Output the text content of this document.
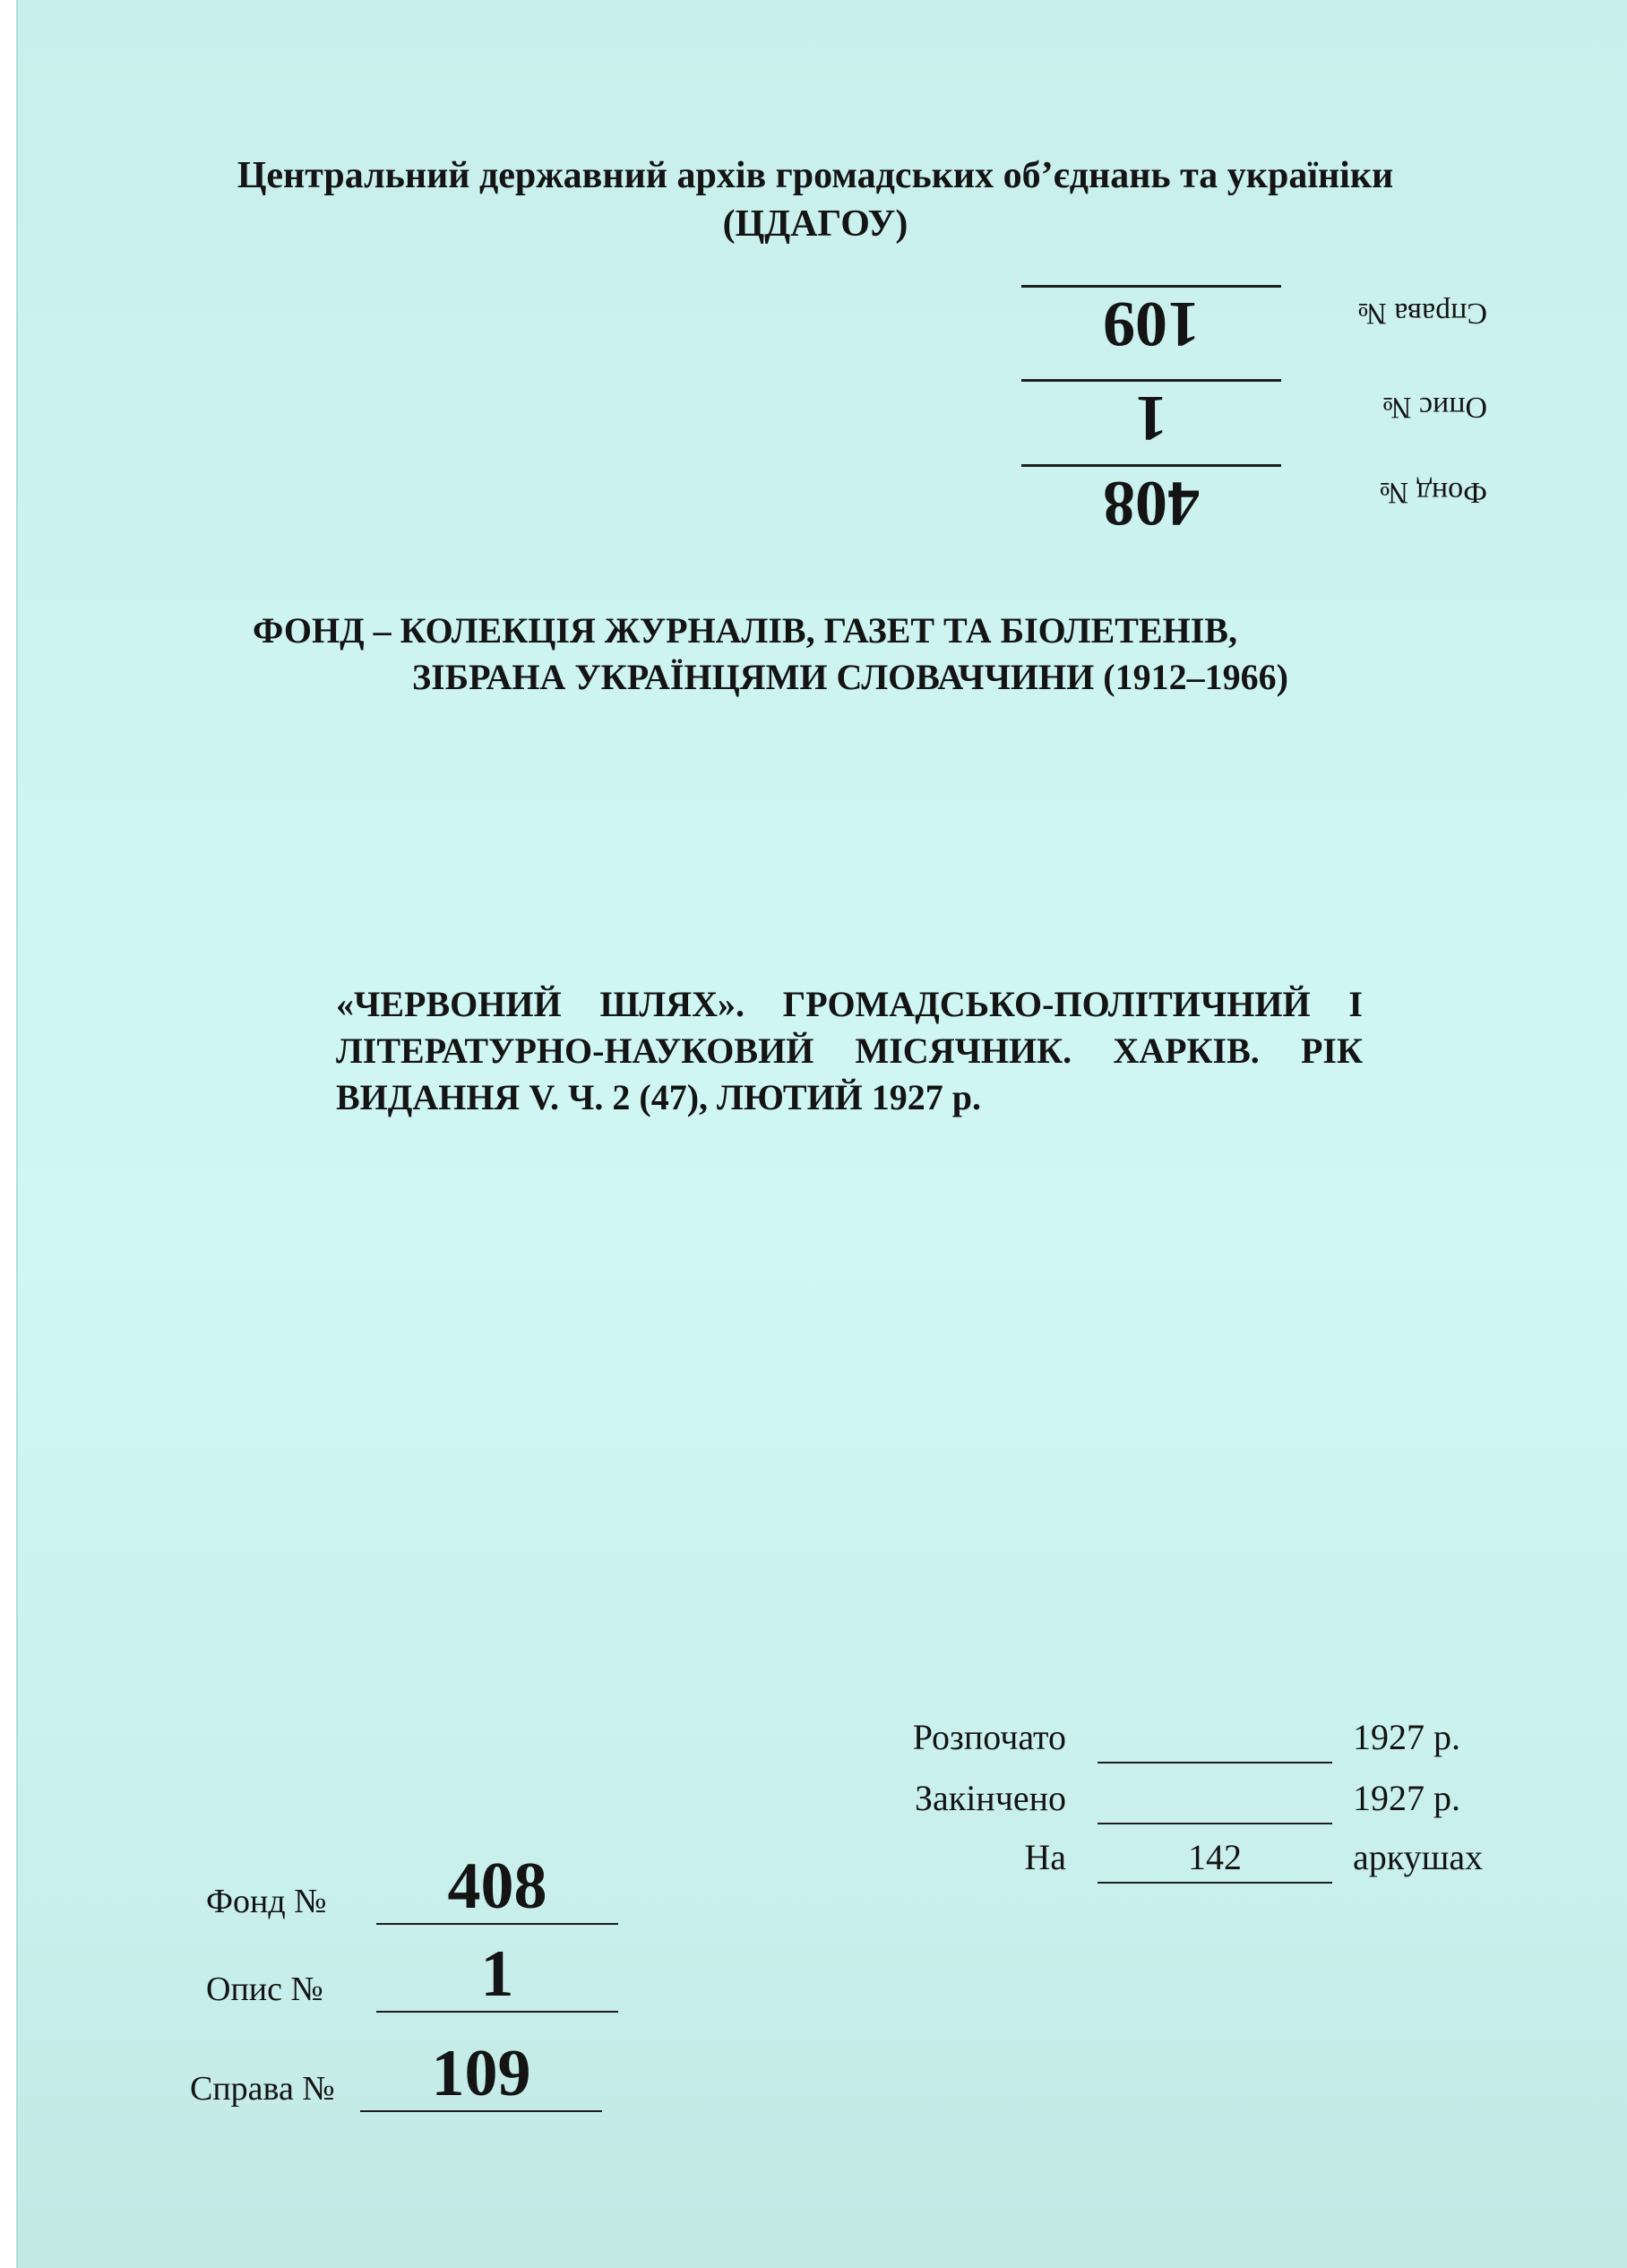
Центральний державний архів громадських об’єднань та україніки
(ЦДАГОУ)
Фонд №
408
Опис №
1
Справа №
109
ФОНД – КОЛЕКЦІЯ ЖУРНАЛІВ, ГАЗЕТ ТА БІОЛЕТЕНІВ,
ЗІБРАНА УКРАЇНЦЯМИ СЛОВАЧЧИНИ (1912–1966)
«ЧЕРВОНИЙ ШЛЯХ». ГРОМАДСЬКО-ПОЛІТИЧНИЙ І
ЛІТЕРАТУРНО-НАУКОВИЙ МІСЯЧНИК. ХАРКІВ. РІК
ВИДАННЯ V. Ч. 2 (47), ЛЮТИЙ 1927 р.
Розпочато	1927 р.
Закінчено	1927 р.
На	142	аркушах
Фонд №	408
Опис №	1
Справа №	109
